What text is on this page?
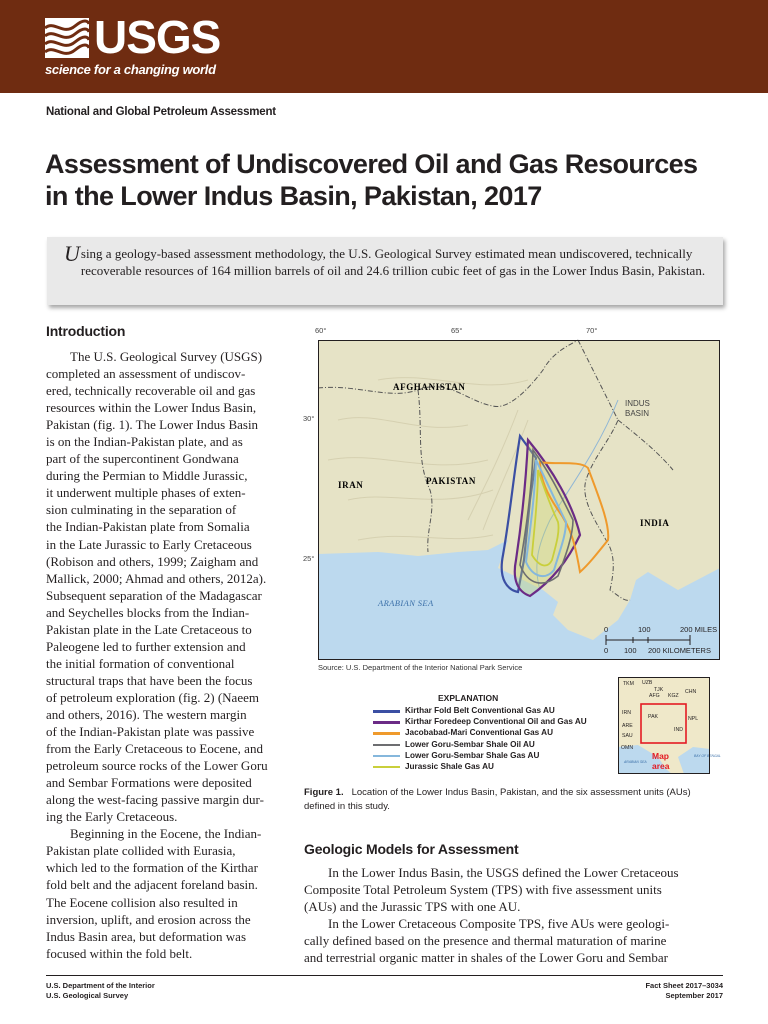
USGS
science for a changing world
National and Global Petroleum Assessment
Assessment of Undiscovered Oil and Gas Resources
in the Lower Indus Basin, Pakistan, 2017

Using a geology-based assessment methodology, the U.S. Geological Survey estimated mean undiscovered, technically recoverable resources of 164 million barrels of oil and 24.6 trillion cubic feet of gas in the Lower Indus Basin, Pakistan.

Introduction
The U.S. Geological Survey (USGS)
completed an assessment of undiscov-
ered, technically recoverable oil and gas
resources within the Lower Indus Basin,
Pakistan (fig. 1). The Lower Indus Basin
is on the Indian-Pakistan plate, and as
part of the supercontinent Gondwana
during the Permian to Middle Jurassic,
it underwent multiple phases of exten-
sion culminating in the separation of
the Indian-Pakistan plate from Somalia
in the Late Jurassic to Early Cretaceous
(Robison and others, 1999; Zaigham and
Mallick, 2000; Ahmad and others, 2012a).
Subsequent separation of the Madagascar
and Seychelles blocks from the Indian-
Pakistan plate in the Late Cretaceous to
Paleogene led to further extension and
the initial formation of conventional
structural traps that have been the focus
of petroleum exploration (fig. 2) (Naeem
and others, 2016). The western margin
of the Indian-Pakistan plate was passive
from the Early Cretaceous to Eocene, and
petroleum source rocks of the Lower Goru
and Sembar Formations were deposited
along the west-facing passive margin dur-
ing the Early Cretaceous.
Beginning in the Eocene, the Indian-
Pakistan plate collided with Eurasia,
which led to the formation of the Kirthar
fold belt and the adjacent foreland basin.
The Eocene collision also resulted in
inversion, uplift, and erosion across the
Indus Basin area, but deformation was
focused within the fold belt.
60°	65°	70°
30°
25°
AFGHANISTAN
IRAN	PAKISTAN
INDIA
INDUS
BASIN
ARABIAN SEA
0	100	200 MILES
0 100 200 KILOMETERS
Source: U.S. Department of the Interior National Park Service
EXPLANATION
Kirthar Fold Belt Conventional Gas AU
Kirthar Foredeep Conventional Oil and Gas AU
Jacobabad-Mari Conventional Gas AU
Lower Goru-Sembar Shale Oil AU
Lower Goru-Sembar Shale Gas AU
Jurassic Shale Gas AU
TKM UZB
TJK
KGZ
AFG
CHN
IRN
PAK	NPL
ARE
SAU
IND
OMN
ARABIAN SEA
BAY OF BENGAL
Map
area
Figure 1. Location of the Lower Indus Basin, Pakistan, and the six assessment units (AUs) defined in this study.
Geologic Models for Assessment
In the Lower Indus Basin, the USGS defined the Lower Cretaceous
Composite Total Petroleum System (TPS) with five assessment units
(AUs) and the Jurassic TPS with one AU.
In the Lower Cretaceous Composite TPS, five AUs were geologi-
cally defined based on the presence and thermal maturation of marine
and terrestrial organic matter in shales of the Lower Goru and Sembar
U.S. Department of the Interior
U.S. Geological Survey
Fact Sheet 2017–3034
September 2017
